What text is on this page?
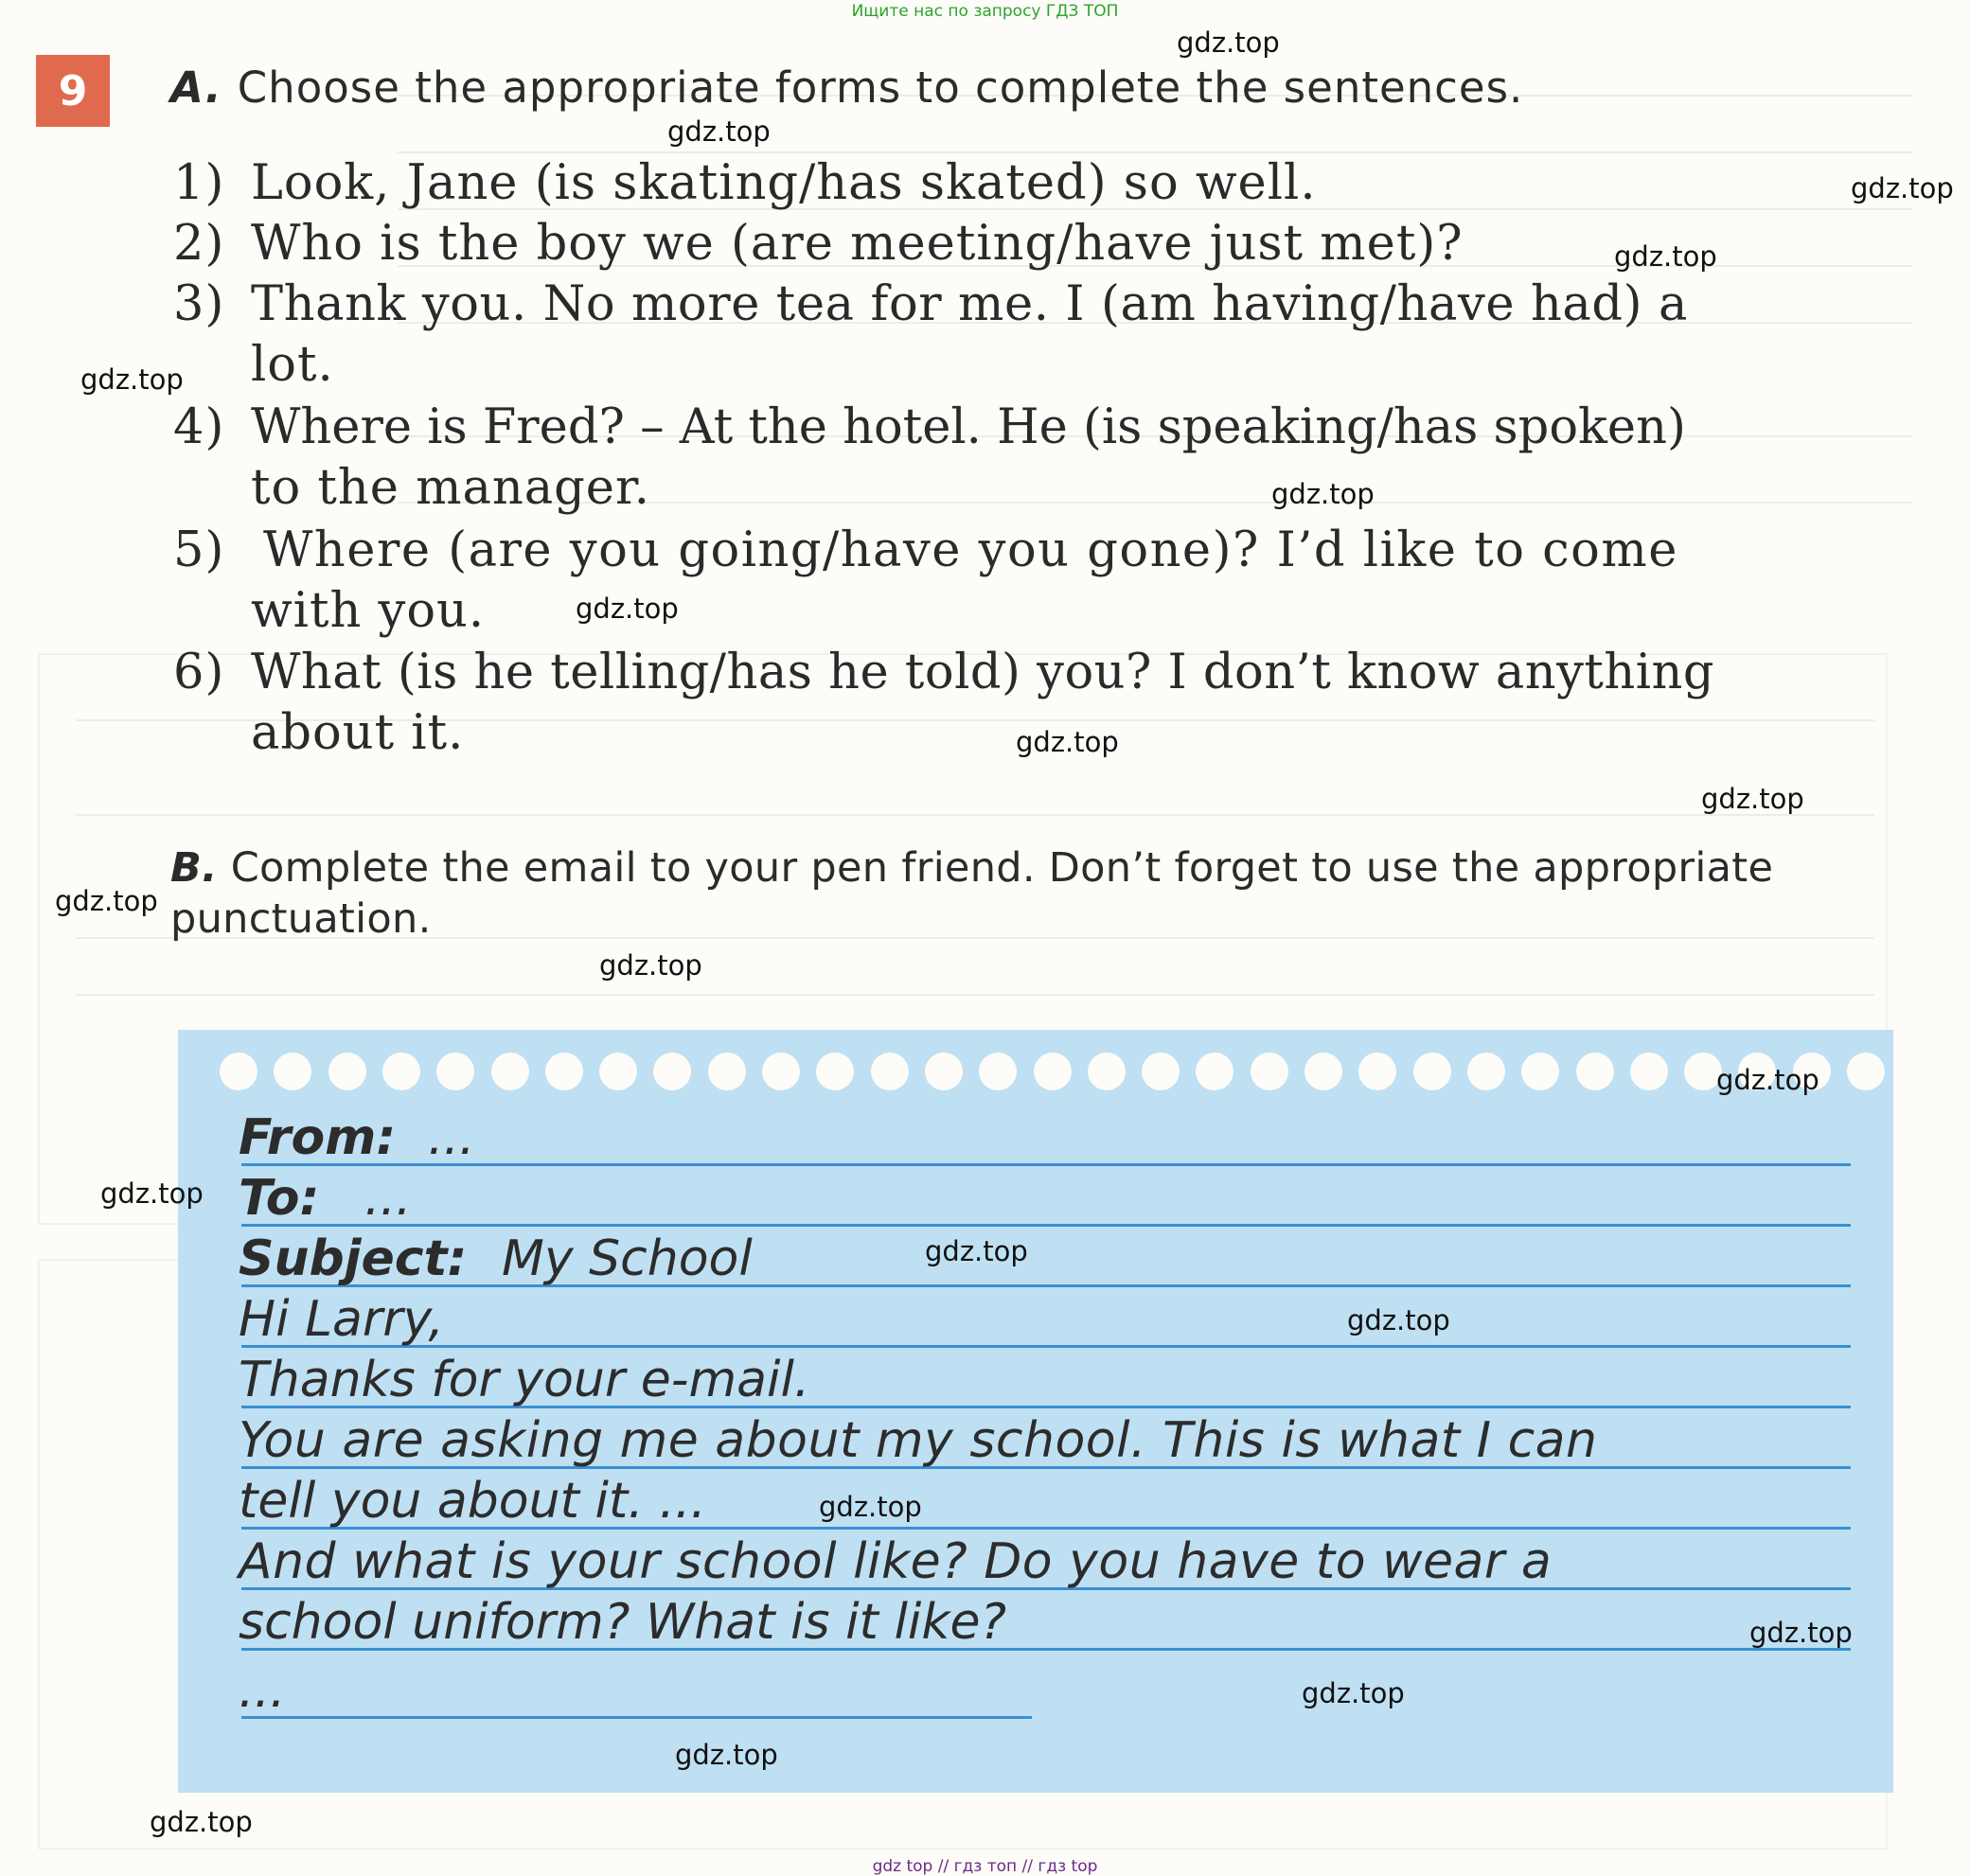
Ищите нас по запросу ГДЗ ТОП
9	A. Choose the appropriate forms to complete the sentences.
1) Look, Jane (is skating/has skated) so well.
2) Who is the boy we (are meeting/have just met)?
3) Thank you. No more tea for me. I (am having/have had) a
lot.
4) Where is Fred? – At the hotel. He (is speaking/has spoken)
to the manager.
5) Where (are you going/have you gone)? I’d like to come
with you.
6) What (is he telling/has he told) you? I don’t know anything
about it.
B. Complete the email to your pen friend. Don’t forget to use the appropriate
punctuation.
From: ...
To: ...
Subject: My School
Hi Larry,
Thanks for your e-mail.
You are asking me about my school. This is what I can
tell you about it. ...
And what is your school like? Do you have to wear a
school uniform? What is it like?
...
gdz.top
gdz.top
gdz.top
gdz.top
gdz.top
gdz.top
gdz.top
gdz.top
gdz.top
gdz.top
gdz.top
gdz.top
gdz.top
gdz.top
gdz.top
gdz.top
gdz.top
gdz.top
gdz.top
gdz.top
gdz top // гдз топ // гдз top
